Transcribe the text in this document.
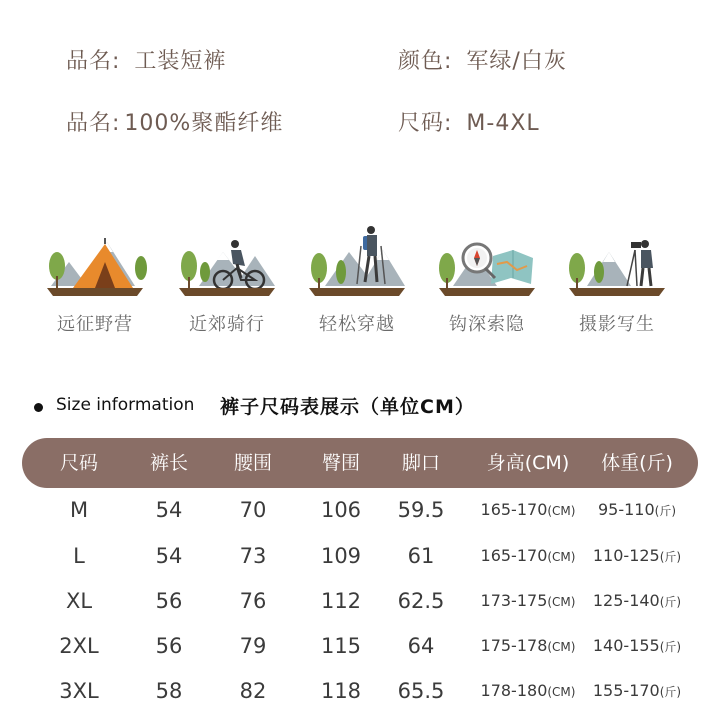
品名: 工装短裤	颜色: 军绿/白灰
品名: 100%聚酯纤维	尺码: M-4XL
远征野营	近郊骑行	轻松穿越	钩深索隐	摄影写生
Size information 裤子尺码表展示（单位CM）
尺码	裤长	腰围	臀围	脚口	身高(CM)	体重(斤)
M	54	70	106	59.5	165-170(CM)	95-110(斤)
L	54	73	109	61	165-170(CM)	110-125(斤)
XL	56	76	112	62.5	173-175(CM)	125-140(斤)
2XL	56	79	115	64	175-178(CM)	140-155(斤)
3XL	58	82	118	65.5	178-180(CM)	155-170(斤)
